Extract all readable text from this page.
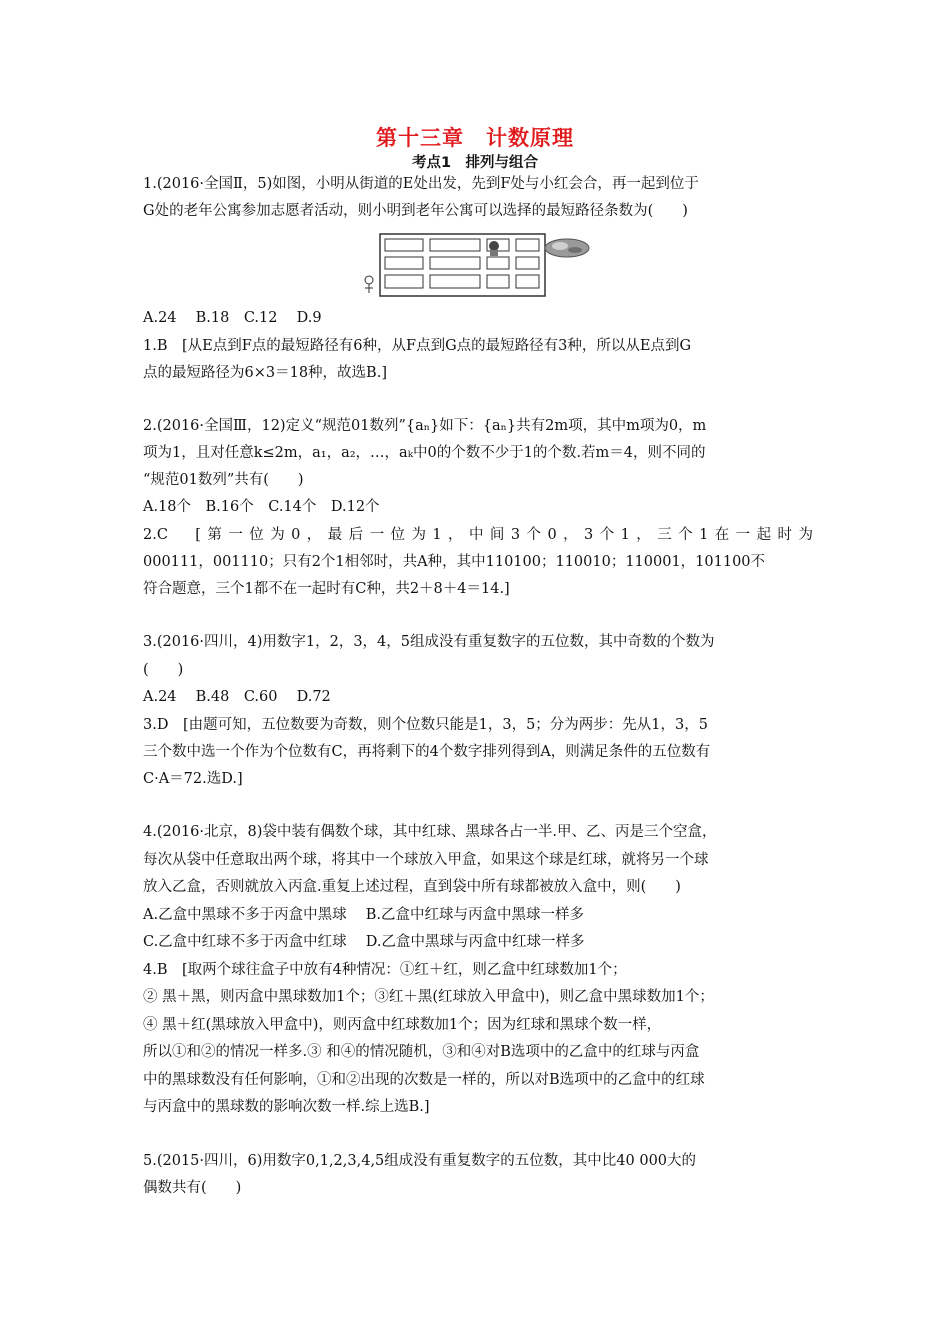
第十三章　计数原理
考点1　排列与组合
1.(2016·全国Ⅱ，5)如图，小明从街道的E处出发，先到F处与小红会合，再一起到位于
G处的老年公寓参加志愿者活动，则小明到老年公寓可以选择的最短路径条数为(　　)
A.24　 B.18　C.12　 D.9
1.B　[从E点到F点的最短路径有6种，从F点到G点的最短路径有3种，所以从E点到G
点的最短路径为6×3＝18种，故选B.]
2.(2016·全国Ⅲ，12)定义“规范01数列”{aₙ}如下：{aₙ}共有2m项，其中m项为0，m
项为1，且对任意k≤2m，a₁，a₂，…，aₖ中0的个数不少于1的个数.若m＝4，则不同的
“规范01数列”共有(　　)
A.18个　B.16个　C.14个　D.12个
2.C　[第一位为0，最后一位为1，中间3个0，3个1，三个1在一起时为
000111，001110；只有2个1相邻时，共A种，其中110100；110010；110001，101100不
符合题意，三个1都不在一起时有C种，共2＋8＋4＝14.]
3.(2016·四川，4)用数字1，2，3，4，5组成没有重复数字的五位数，其中奇数的个数为
(　　)
A.24　 B.48　C.60　 D.72
3.D　[由题可知，五位数要为奇数，则个位数只能是1，3，5；分为两步：先从1，3，5
三个数中选一个作为个位数有C，再将剩下的4个数字排列得到A，则满足条件的五位数有
C·A＝72.选D.]
4.(2016·北京，8)袋中装有偶数个球，其中红球、黑球各占一半.甲、乙、丙是三个空盒，
每次从袋中任意取出两个球，将其中一个球放入甲盒，如果这个球是红球，就将另一个球
放入乙盒，否则就放入丙盒.重复上述过程，直到袋中所有球都被放入盒中，则(　　)
A.乙盒中黑球不多于丙盒中黑球　 B.乙盒中红球与丙盒中黑球一样多
C.乙盒中红球不多于丙盒中红球　 D.乙盒中黑球与丙盒中红球一样多
4.B　[取两个球往盒子中放有4种情况：①红＋红，则乙盒中红球数加1个；
② 黑＋黑，则丙盒中黑球数加1个；③红＋黑(红球放入甲盒中)，则乙盒中黑球数加1个；
④ 黑＋红(黑球放入甲盒中)，则丙盒中红球数加1个；因为红球和黑球个数一样，
所以①和②的情况一样多.③ 和④的情况随机，③和④对B选项中的乙盒中的红球与丙盒
中的黑球数没有任何影响，①和②出现的次数是一样的，所以对B选项中的乙盒中的红球
与丙盒中的黑球数的影响次数一样.综上选B.]
5.(2015·四川，6)用数字0,1,2,3,4,5组成没有重复数字的五位数，其中比40 000大的
偶数共有(　　)
